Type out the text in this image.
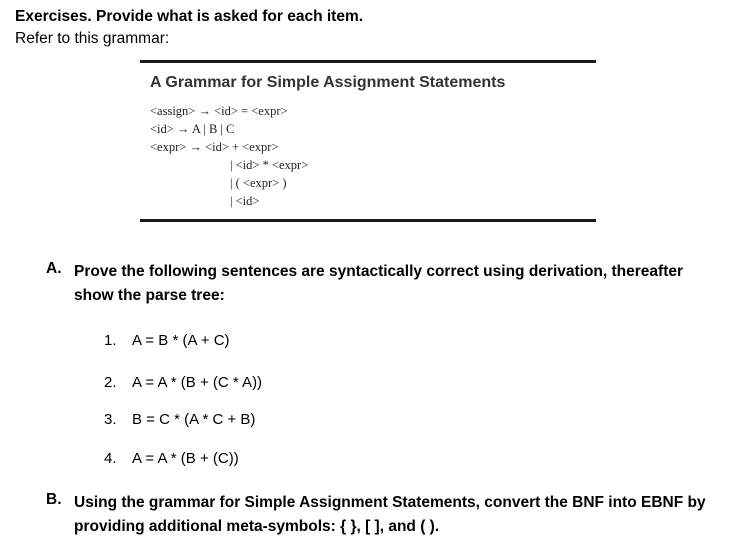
Exercises. Provide what is asked for each item.
Refer to this grammar:
A Grammar for Simple Assignment Statements
<assign> → <id> = <expr>
<id> → A | B | C
<expr> → <id> + <expr>
| <id> * <expr>
| ( <expr> )
| <id>
A. Prove the following sentences are syntactically correct using derivation, thereafter show the parse tree:
1. A = B * (A + C)
2. A = A * (B + (C * A))
3. B = C * (A * C + B)
4. A = A * (B + (C))
B. Using the grammar for Simple Assignment Statements, convert the BNF into EBNF by providing additional meta-symbols: { }, [ ], and ( ).
